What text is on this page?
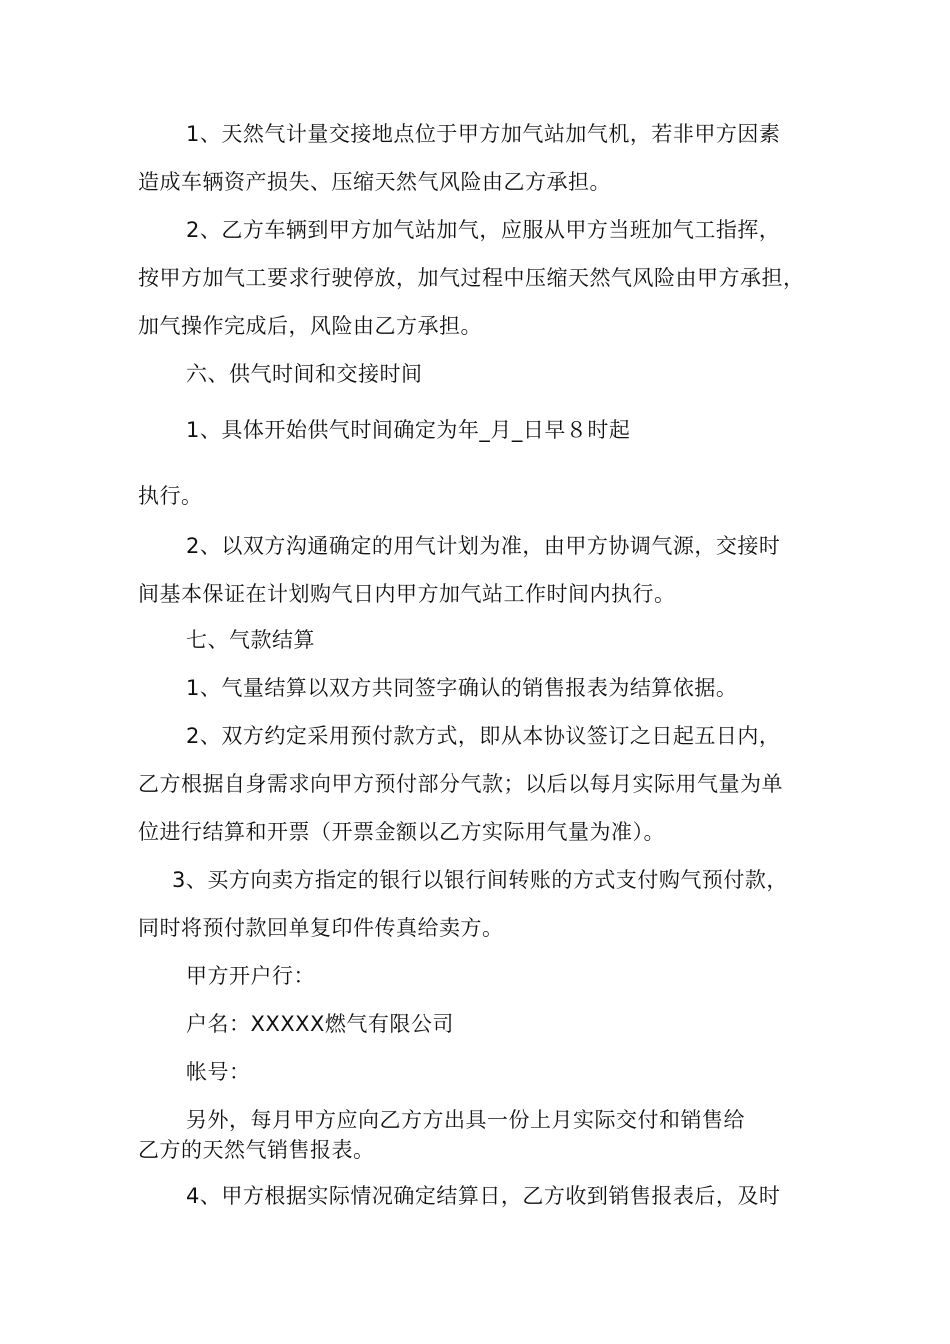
1、天然气计量交接地点位于甲方加气站加气机，若非甲方因素
造成车辆资产损失、压缩天然气风险由乙方承担。
2、乙方车辆到甲方加气站加气，应服从甲方当班加气工指挥，
按甲方加气工要求行驶停放，加气过程中压缩天然气风险由甲方承担，
加气操作完成后，风险由乙方承担。
六、供气时间和交接时间
1、具体开始供气时间确定为年_月_日早８时起
执行。
2、以双方沟通确定的用气计划为准，由甲方协调气源，交接时
间基本保证在计划购气日内甲方加气站工作时间内执行。
七、气款结算
1、气量结算以双方共同签字确认的销售报表为结算依据。
2、双方约定采用预付款方式，即从本协议签订之日起五日内，
乙方根据自身需求向甲方预付部分气款；以后以每月实际用气量为单
位进行结算和开票（开票金额以乙方实际用气量为准）。
3、买方向卖方指定的银行以银行间转账的方式支付购气预付款，
同时将预付款回单复印件传真给卖方。
甲方开户行：
户名：XXXXX燃气有限公司
帐号：
另外，每月甲方应向乙方方出具一份上月实际交付和销售给
乙方的天然气销售报表。
4、甲方根据实际情况确定结算日，乙方收到销售报表后，及时
